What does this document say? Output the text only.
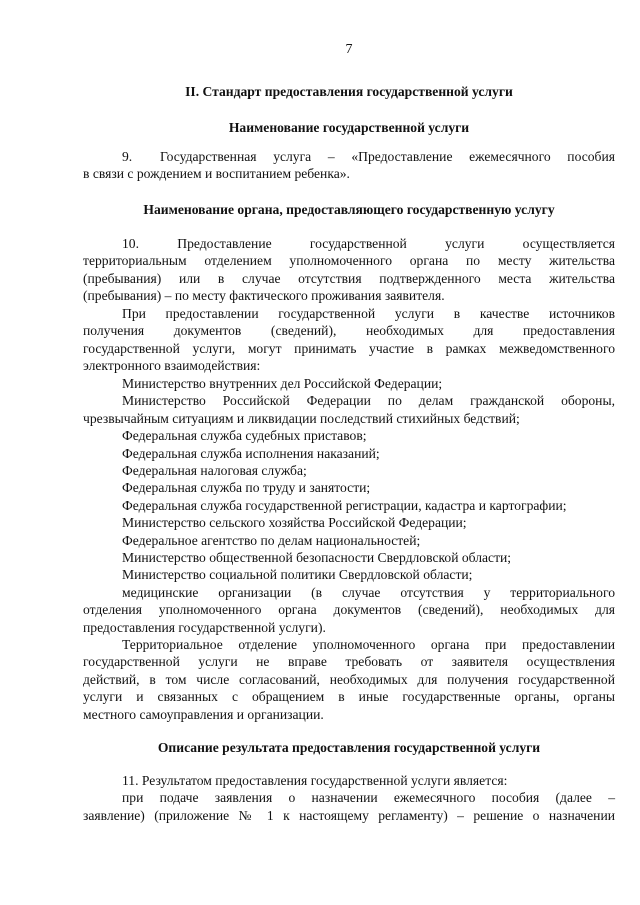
7
II. Стандарт предоставления государственной услуги
Наименование государственной услуги
9. Государственная услуга – «Предоставление ежемесячного пособия
в связи с рождением и воспитанием ребенка».
Наименование органа, предоставляющего государственную услугу
10. Предоставление государственной услуги осуществляется
территориальным отделением уполномоченного органа по месту жительства
(пребывания) или в случае отсутствия подтвержденного места жительства
(пребывания) – по месту фактического проживания заявителя.
При предоставлении государственной услуги в качестве источников
получения документов (сведений), необходимых для предоставления
государственной услуги, могут принимать участие в рамках межведомственного
электронного взаимодействия:
Министерство внутренних дел Российской Федерации;
Министерство Российской Федерации по делам гражданской обороны,
чрезвычайным ситуациям и ликвидации последствий стихийных бедствий;
Федеральная служба судебных приставов;
Федеральная служба исполнения наказаний;
Федеральная налоговая служба;
Федеральная служба по труду и занятости;
Федеральная служба государственной регистрации, кадастра и картографии;
Министерство сельского хозяйства Российской Федерации;
Федеральное агентство по делам национальностей;
Министерство общественной безопасности Свердловской области;
Министерство социальной политики Свердловской области;
медицинские организации (в случае отсутствия у территориального
отделения уполномоченного органа документов (сведений), необходимых для
предоставления государственной услуги).
Территориальное отделение уполномоченного органа при предоставлении
государственной услуги не вправе требовать от заявителя осуществления
действий, в том числе согласований, необходимых для получения государственной
услуги и связанных с обращением в иные государственные органы, органы
местного самоуправления и организации.
Описание результата предоставления государственной услуги
11. Результатом предоставления государственной услуги является:
при подаче заявления о назначении ежемесячного пособия (далее –
заявление) (приложение № 1 к настоящему регламенту) – решение о назначении
